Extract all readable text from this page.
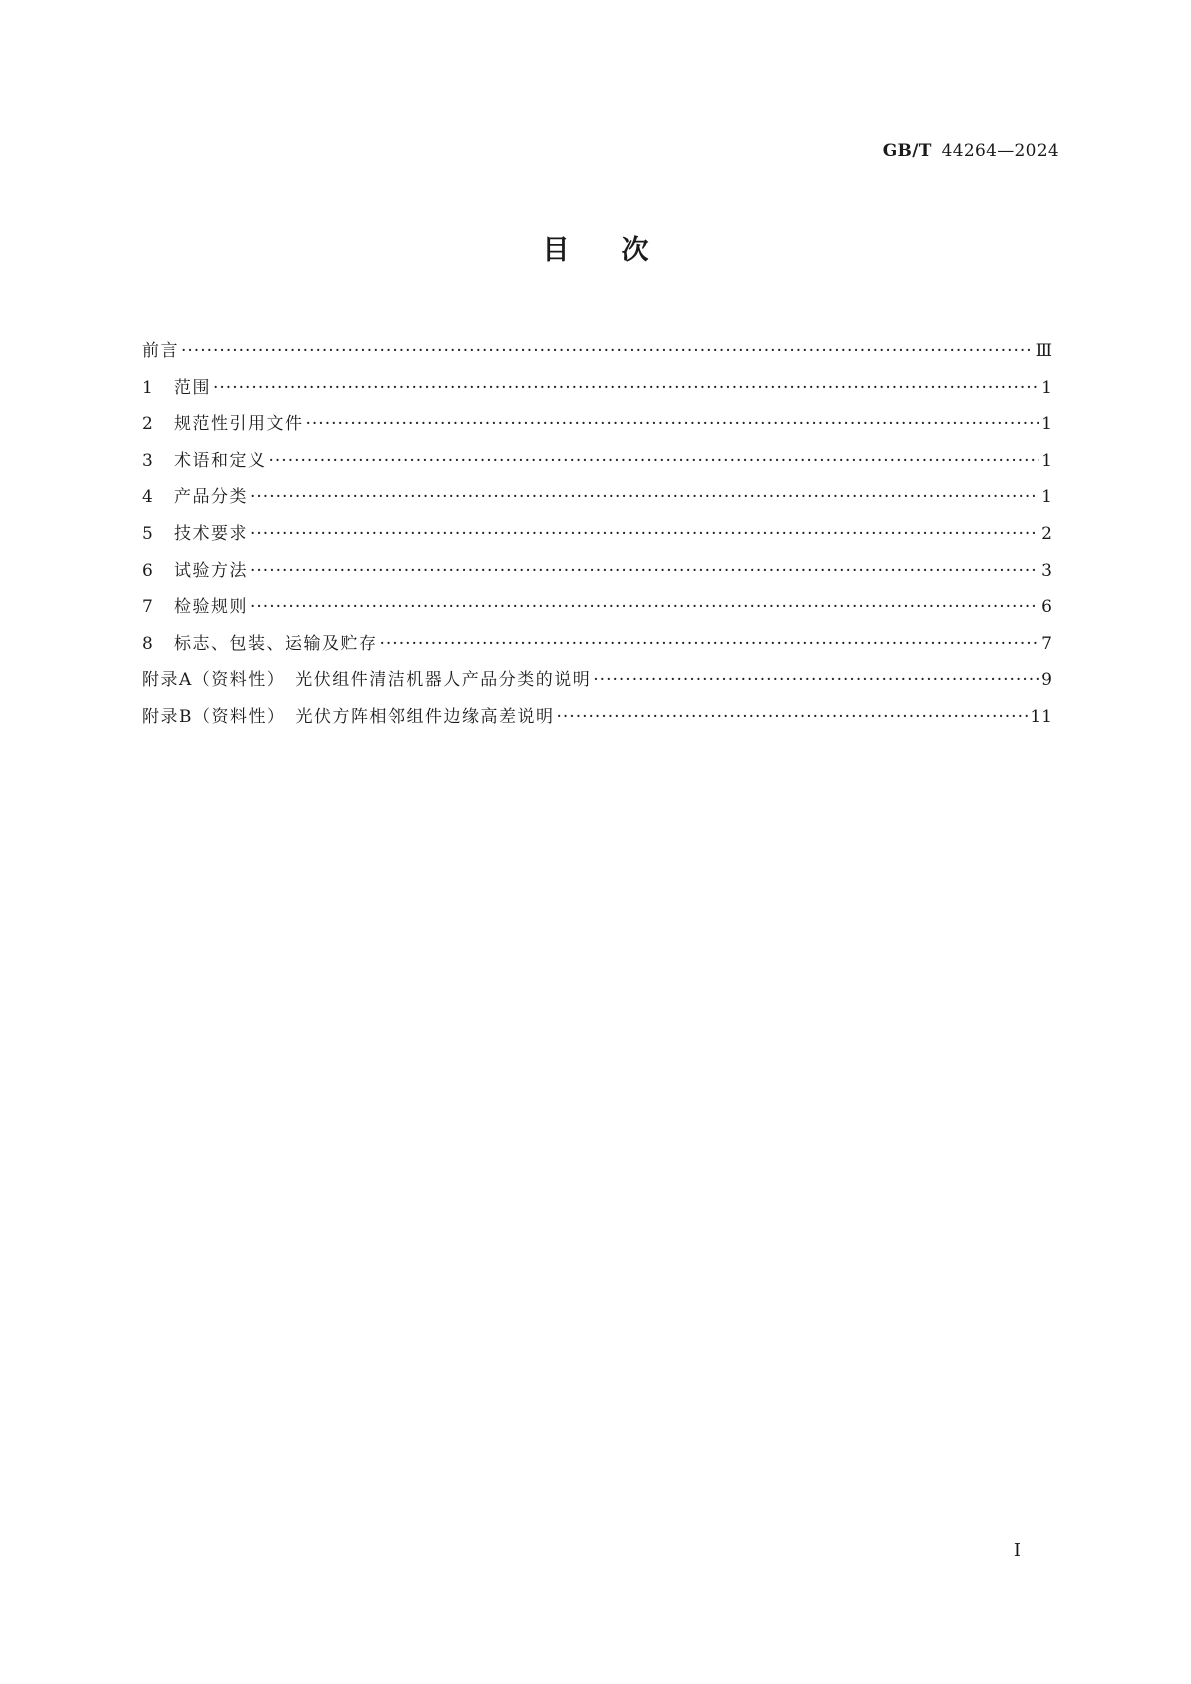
GB/T 44264—2024
目次
前言 ·····	Ⅲ
1	范围 ·····	1
2	规范性引用文件 ·····	1
3	术语和定义 ·····	1
4	产品分类 ·····	1
5	技术要求 ·····	2
6	试验方法 ·····	3
7	检验规则 ·····	6
8	标志、包装、运输及贮存 ·····	7
附录A（资料性）　光伏组件清洁机器人产品分类的说明 ·····	9
附录B（资料性）　光伏方阵相邻组件边缘高差说明 ·····	11
Ⅰ
